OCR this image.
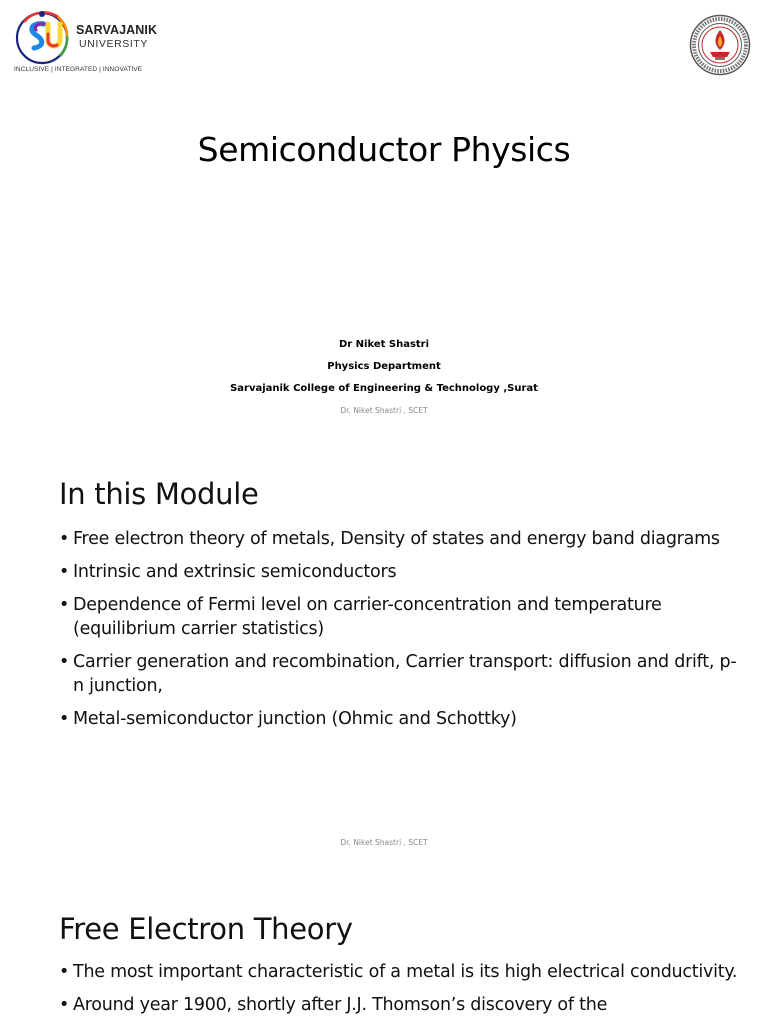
SARVAJANIK
UNIVERSITY
INCLUSIVE | INTEGRATED | INNOVATIVE
Semiconductor Physics
Dr Niket Shastri
Physics Department
Sarvajanik College of Engineering & Technology ,Surat
Dr. Niket Shastri , SCET
In this Module
• Free electron theory of metals, Density of states and energy band diagrams
• Intrinsic and extrinsic semiconductors
• Dependence of Fermi level on carrier-concentration and temperature (equilibrium carrier statistics)
• Carrier generation and recombination, Carrier transport: diffusion and drift, p-n junction,
• Metal-semiconductor junction (Ohmic and Schottky)
Dr. Niket Shastri , SCET
Free Electron Theory
• The most important characteristic of a metal is its high electrical conductivity.
• Around year 1900, shortly after J.J. Thomson’s discovery of the
